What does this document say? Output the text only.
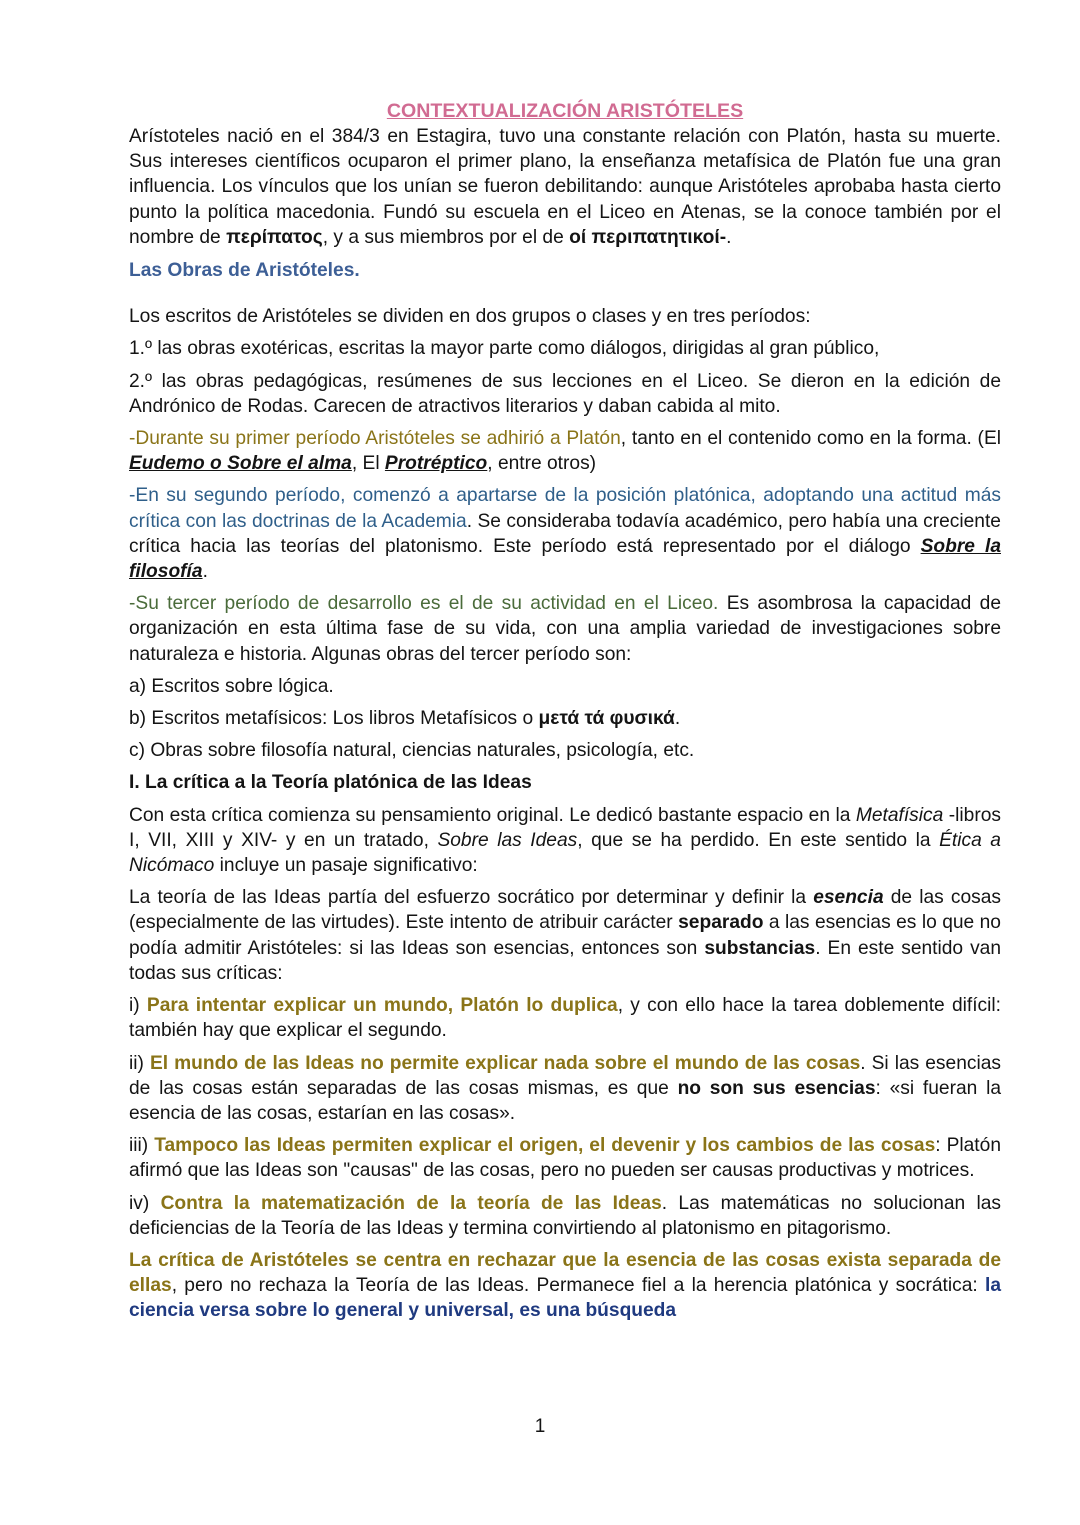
CONTEXTUALIZACIÓN ARISTÓTELES

Arístoteles nació en el 384/3 en Estagira, tuvo una constante relación con Platón, hasta su muerte. Sus intereses científicos ocuparon el primer plano, la enseñanza metafísica de Platón fue una gran influencia. Los vínculos que los unían se fueron debilitando: aunque Aristóteles aprobaba hasta cierto punto la política macedonia. Fundó su escuela en el Liceo en Atenas, se la conoce también por el nombre de περίπατος, y a sus miembros por el de οί περιπατητικοί-.

Las Obras de Aristóteles.

Los escritos de Aristóteles se dividen en dos grupos o clases y en tres períodos:

1.º las obras exotéricas, escritas la mayor parte como diálogos, dirigidas al gran público,

2.º las obras pedagógicas, resúmenes de sus lecciones en el Liceo. Se dieron en la edición de Andrónico de Rodas. Carecen de atractivos literarios y daban cabida al mito.

-Durante su primer período Aristóteles se adhirió a Platón, tanto en el contenido como en la forma. (El Eudemo o Sobre el alma, El Protréptico, entre otros)

-En su segundo período, comenzó a apartarse de la posición platónica, adoptando una actitud más crítica con las doctrinas de la Academia. Se consideraba todavía académico, pero había una creciente crítica hacia las teorías del platonismo. Este período está representado por el diálogo Sobre la filosofía.

-Su tercer período de desarrollo es el de su actividad en el Liceo. Es asombrosa la capacidad de organización en esta última fase de su vida, con una amplia variedad de investigaciones sobre naturaleza e historia. Algunas obras del tercer período son:

a) Escritos sobre lógica.

b) Escritos metafísicos: Los libros Metafísicos o μετά τά φυσικά.

c) Obras sobre filosofía natural, ciencias naturales, psicología, etc.

I. La crítica a la Teoría platónica de las Ideas

Con esta crítica comienza su pensamiento original. Le dedicó bastante espacio en la Metafísica -libros I, VII, XIII y XIV- y en un tratado, Sobre las Ideas, que se ha perdido. En este sentido la Ética a Nicómaco incluye un pasaje significativo:

La teoría de las Ideas partía del esfuerzo socrático por determinar y definir la esencia de las cosas (especialmente de las virtudes). Este intento de atribuir carácter separado a las esencias es lo que no podía admitir Aristóteles: si las Ideas son esencias, entonces son substancias. En este sentido van todas sus críticas:

i) Para intentar explicar un mundo, Platón lo duplica, y con ello hace la tarea doblemente difícil: también hay que explicar el segundo.

ii) El mundo de las Ideas no permite explicar nada sobre el mundo de las cosas. Si las esencias de las cosas están separadas de las cosas mismas, es que no son sus esencias: «si fueran la esencia de las cosas, estarían en las cosas».

iii) Tampoco las Ideas permiten explicar el origen, el devenir y los cambios de las cosas: Platón afirmó que las Ideas son "causas" de las cosas, pero no pueden ser causas productivas y motrices.

iv) Contra la matematización de la teoría de las Ideas. Las matemáticas no solucionan las deficiencias de la Teoría de las Ideas y termina convirtiendo al platonismo en pitagorismo.

La crítica de Aristóteles se centra en rechazar que la esencia de las cosas exista separada de ellas, pero no rechaza la Teoría de las Ideas. Permanece fiel a la herencia platónica y socrática: la ciencia versa sobre lo general y universal, es una búsqueda

1
